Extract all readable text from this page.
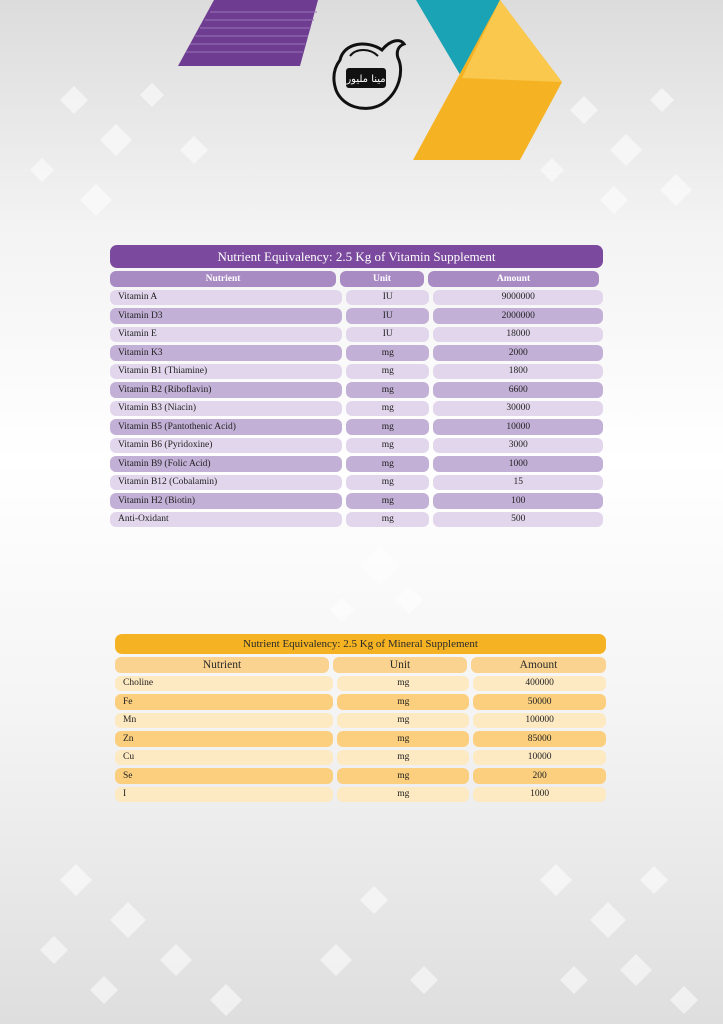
مینا ملیور
Nutrient Equivalency: 2.5 Kg of Vitamin Supplement
Nutrient	Unit	Amount
Vitamin A	IU	9000000
Vitamin D3	IU	2000000
Vitamin E	IU	18000
Vitamin K3	mg	2000
Vitamin B1 (Thiamine)	mg	1800
Vitamin B2 (Riboflavin)	mg	6600
Vitamin B3 (Niacin)	mg	30000
Vitamin B5 (Pantothenic Acid)	mg	10000
Vitamin B6 (Pyridoxine)	mg	3000
Vitamin B9 (Folic Acid)	mg	1000
Vitamin B12 (Cobalamin)	mg	15
Vitamin H2 (Biotin)	mg	100
Anti-Oxidant	mg	500
Nutrient Equivalency: 2.5 Kg of Mineral Supplement
Nutrient	Unit	Amount
Choline	mg	400000
Fe	mg	50000
Mn	mg	100000
Zn	mg	85000
Cu	mg	10000
Se	mg	200
I	mg	1000
